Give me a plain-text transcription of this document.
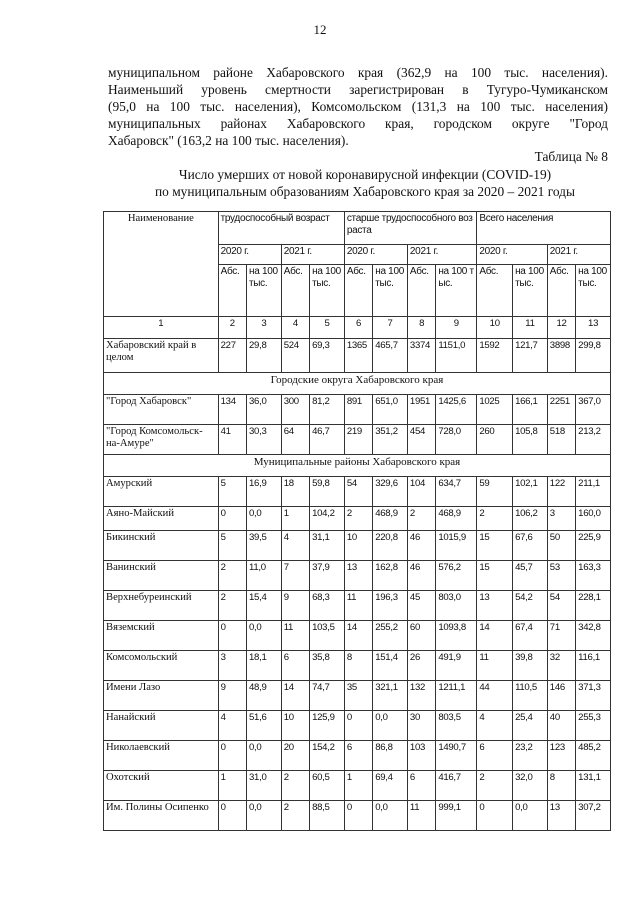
12
муниципальном районе Хабаровского края (362,9 на 100 тыс. населения).
Наименьший уровень смертности зарегистрирован в Тугуро-Чумиканском
(95,0 на 100 тыс. населения), Комсомольском (131,3 на 100 тыс. населения)
муниципальных районах Хабаровского края, городском округе "Город
Хабаровск" (163,2 на 100 тыс. населения).
Таблица № 8
Число умерших от новой коронавирусной инфекции (COVID-19)
по муниципальным образованиям Хабаровского края за 2020 – 2021 годы
Наименование	трудоспособный возраст				старше трудоспособного возраста				Всего населения			
	2020 г.		2021 г.		2020 г.		2021 г.		2020 г.		2021 г.	
	Абс.	на 100 тыс.	Абс.	на 100 тыс.	Абс.	на 100 тыс.	Абс.	на 100 тыс.	Абс.	на 100 тыс.	Абс.	на 100 тыс.
1	2	3	4	5	6	7	8	9	10	11	12	13
Хабаровский край в целом	227	29,8	524	69,3	1365	465,7	3374	1151,0	1592	121,7	3898	299,8
Городские округа Хабаровского края												
"Город Хабаровск"	134	36,0	300	81,2	891	651,0	1951	1425,6	1025	166,1	2251	367,0
"Город Комсомольск-на-Амуре"	41	30,3	64	46,7	219	351,2	454	728,0	260	105,8	518	213,2
Муниципальные районы Хабаровского края												
Амурский	5	16,9	18	59,8	54	329,6	104	634,7	59	102,1	122	211,1
Аяно-Майский	0	0,0	1	104,2	2	468,9	2	468,9	2	106,2	3	160,0
Бикинский	5	39,5	4	31,1	10	220,8	46	1015,9	15	67,6	50	225,9
Ванинский	2	11,0	7	37,9	13	162,8	46	576,2	15	45,7	53	163,3
Верхнебуреинский	2	15,4	9	68,3	11	196,3	45	803,0	13	54,2	54	228,1
Вяземский	0	0,0	11	103,5	14	255,2	60	1093,8	14	67,4	71	342,8
Комсомольский	3	18,1	6	35,8	8	151,4	26	491,9	11	39,8	32	116,1
Имени Лазо	9	48,9	14	74,7	35	321,1	132	1211,1	44	110,5	146	371,3
Нанайский	4	51,6	10	125,9	0	0,0	30	803,5	4	25,4	40	255,3
Николаевский	0	0,0	20	154,2	6	86,8	103	1490,7	6	23,2	123	485,2
Охотский	1	31,0	2	60,5	1	69,4	6	416,7	2	32,0	8	131,1
Им. Полины Осипенко	0	0,0	2	88,5	0	0,0	11	999,1	0	0,0	13	307,2
